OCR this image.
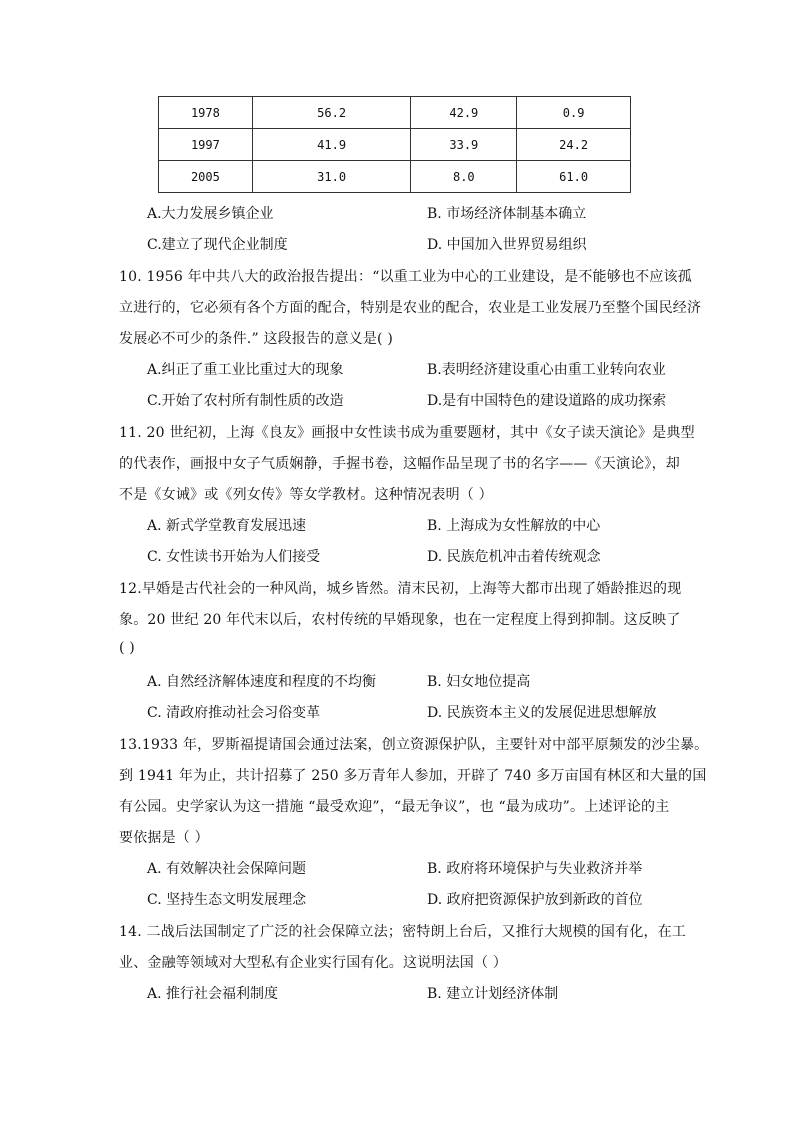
1978	56.2	42.9	0.9
1997	41.9	33.9	24.2
2005	31.0	8.0	61.0
A.大力发展乡镇企业	B. 市场经济体制基本确立
C.建立了现代企业制度	D. 中国加入世界贸易组织
10. 1956 年中共八大的政治报告提出：“以重工业为中心的工业建设，是不能够也不应该孤
立进行的，它必须有各个方面的配合，特别是农业的配合，农业是工业发展乃至整个国民经济
发展必不可少的条件.” 这段报告的意义是( )
A.纠正了重工业比重过大的现象	B.表明经济建设重心由重工业转向农业
C.开始了农村所有制性质的改造	D.是有中国特色的建设道路的成功探索
11. 20 世纪初，上海《良友》画报中女性读书成为重要题材，其中《女子读天演论》是典型
的代表作，画报中女子气质娴静，手握书卷，这幅作品呈现了书的名字——《天演论》，却
不是《女诫》或《列女传》等女学教材。这种情况表明（ ）
A. 新式学堂教育发展迅速	B. 上海成为女性解放的中心
C. 女性读书开始为人们接受	D. 民族危机冲击着传统观念
12.早婚是古代社会的一种风尚，城乡皆然。清末民初，上海等大都市出现了婚龄推迟的现
象。20 世纪 20 年代末以后，农村传统的早婚现象，也在一定程度上得到抑制。这反映了
( )
A. 自然经济解体速度和程度的不均衡	B. 妇女地位提高
C. 清政府推动社会习俗变革	D. 民族资本主义的发展促进思想解放
13.1933 年，罗斯福提请国会通过法案，创立资源保护队，主要针对中部平原频发的沙尘暴。
到 1941 年为止，共计招募了 250 多万青年人参加，开辟了 740 多万亩国有林区和大量的国
有公园。史学家认为这一措施 “最受欢迎”，“最无争议”，也 “最为成功”。上述评论的主
要依据是（ ）
A. 有效解决社会保障问题	B. 政府将环境保护与失业救济并举
C. 坚持生态文明发展理念	D. 政府把资源保护放到新政的首位
14. 二战后法国制定了广泛的社会保障立法；密特朗上台后，又推行大规模的国有化，在工
业、金融等领域对大型私有企业实行国有化。这说明法国（ ）
A. 推行社会福利制度	B. 建立计划经济体制
